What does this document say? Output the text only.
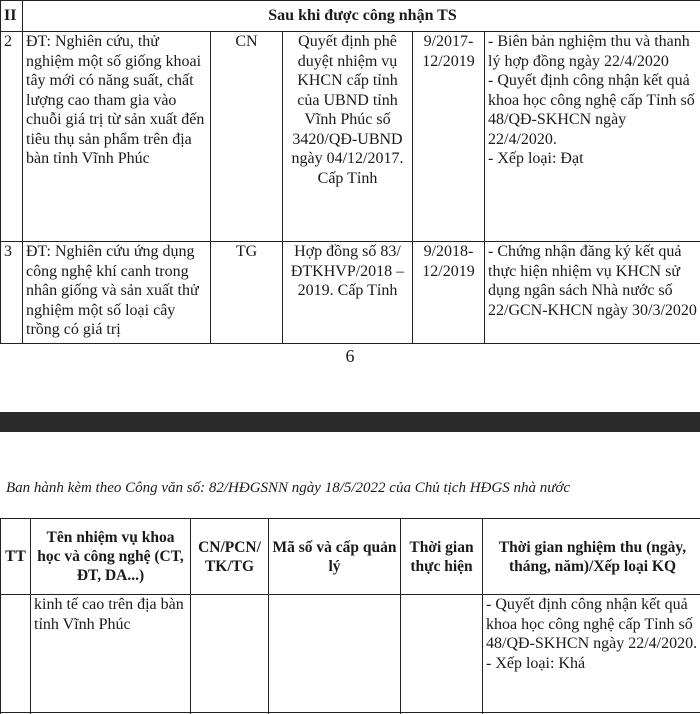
II	Sau khi được công nhận TS				
2	ĐT: Nghiên cứu, thử nghiệm một số giống khoai tây mới có năng suất, chất lượng cao tham gia vào chuỗi giá trị từ sản xuất đến tiêu thụ sản phẩm trên địa bàn tỉnh Vĩnh Phúc	CN	Quyết định phê duyệt nhiệm vụ KHCN cấp tỉnh của UBND tỉnh Vĩnh Phúc số 3420/QĐ-UBND ngày 04/12/2017. Cấp Tỉnh	9/2017- 12/2019	- Biên bản nghiệm thu và thanh lý hợp đồng ngày 22/4/2020
- Quyết định công nhận kết quả khoa học công nghệ cấp Tỉnh số 48/QĐ-SKHCN ngày 22/4/2020.
- Xếp loại: Đạt
3	ĐT: Nghiên cứu ứng dụng công nghệ khí canh trong nhân giống và sản xuất thử nghiệm một số loại cây trồng có giá trị	TG	Hợp đồng số 83/ĐTKHVP/2018 – 2019. Cấp Tỉnh	9/2018- 12/2019	- Chứng nhận đăng ký kết quả thực hiện nhiệm vụ KHCN sử dụng ngân sách Nhà nước số 22/GCN-KHCN ngày 30/3/2020
6
Ban hành kèm theo Công văn số: 82/HĐGSNN ngày 18/5/2022 của Chủ tịch HĐGS nhà nước
TT	Tên nhiệm vụ khoa học và công nghệ (CT, ĐT, DA...)	CN/PCN/ TK/TG	Mã số và cấp quản lý	Thời gian thực hiện	Thời gian nghiệm thu (ngày, tháng, năm)/Xếp loại KQ
	kinh tế cao trên địa bàn tỉnh Vĩnh Phúc				- Quyết định công nhận kết quả khoa học công nghệ cấp Tỉnh số 48/QĐ-SKHCN ngày 22/4/2020.
- Xếp loại: Khá
